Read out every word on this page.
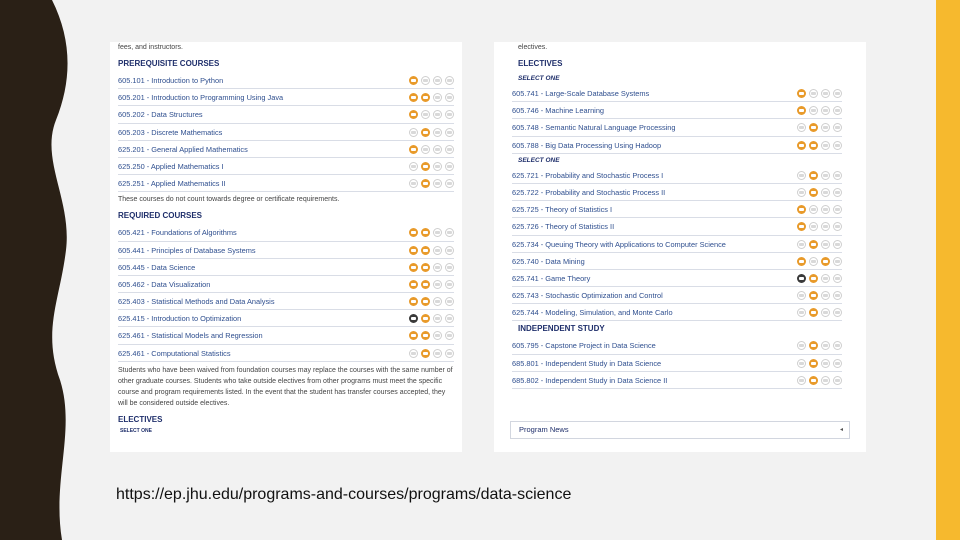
fees, and instructors.
PREREQUISITE COURSES
605.101 - Introduction to Python
605.201 - Introduction to Programming Using Java
605.202 - Data Structures
605.203 - Discrete Mathematics
625.201 - General Applied Mathematics
625.250 - Applied Mathematics I
625.251 - Applied Mathematics II
These courses do not count towards degree or certificate requirements.
REQUIRED COURSES
605.421 - Foundations of Algorithms
605.441 - Principles of Database Systems
605.445 - Data Science
605.462 - Data Visualization
625.403 - Statistical Methods and Data Analysis
625.415 - Introduction to Optimization
625.461 - Statistical Models and Regression
625.461 - Computational Statistics
Students who have been waived from foundation courses may replace the courses with the same number of other graduate courses. Students who take outside electives from other programs must meet the specific course and program requirements listed. In the event that the student has transfer courses accepted, they will be considered outside electives.
ELECTIVES
SELECT ONE
electives.
ELECTIVES
SELECT ONE
605.741 - Large-Scale Database Systems
605.746 - Machine Learning
605.748 - Semantic Natural Language Processing
605.788 - Big Data Processing Using Hadoop
SELECT ONE
625.721 - Probability and Stochastic Process I
625.722 - Probability and Stochastic Process II
625.725 - Theory of Statistics I
625.726 - Theory of Statistics II
625.734 - Queuing Theory with Applications to Computer Science
625.740 - Data Mining
625.741 - Game Theory
625.743 - Stochastic Optimization and Control
625.744 - Modeling, Simulation, and Monte Carlo
INDEPENDENT STUDY
605.795 - Capstone Project in Data Science
685.801 - Independent Study in Data Science
685.802 - Independent Study in Data Science II
Program News	◂
https://ep.jhu.edu/programs-and-courses/programs/data-science
